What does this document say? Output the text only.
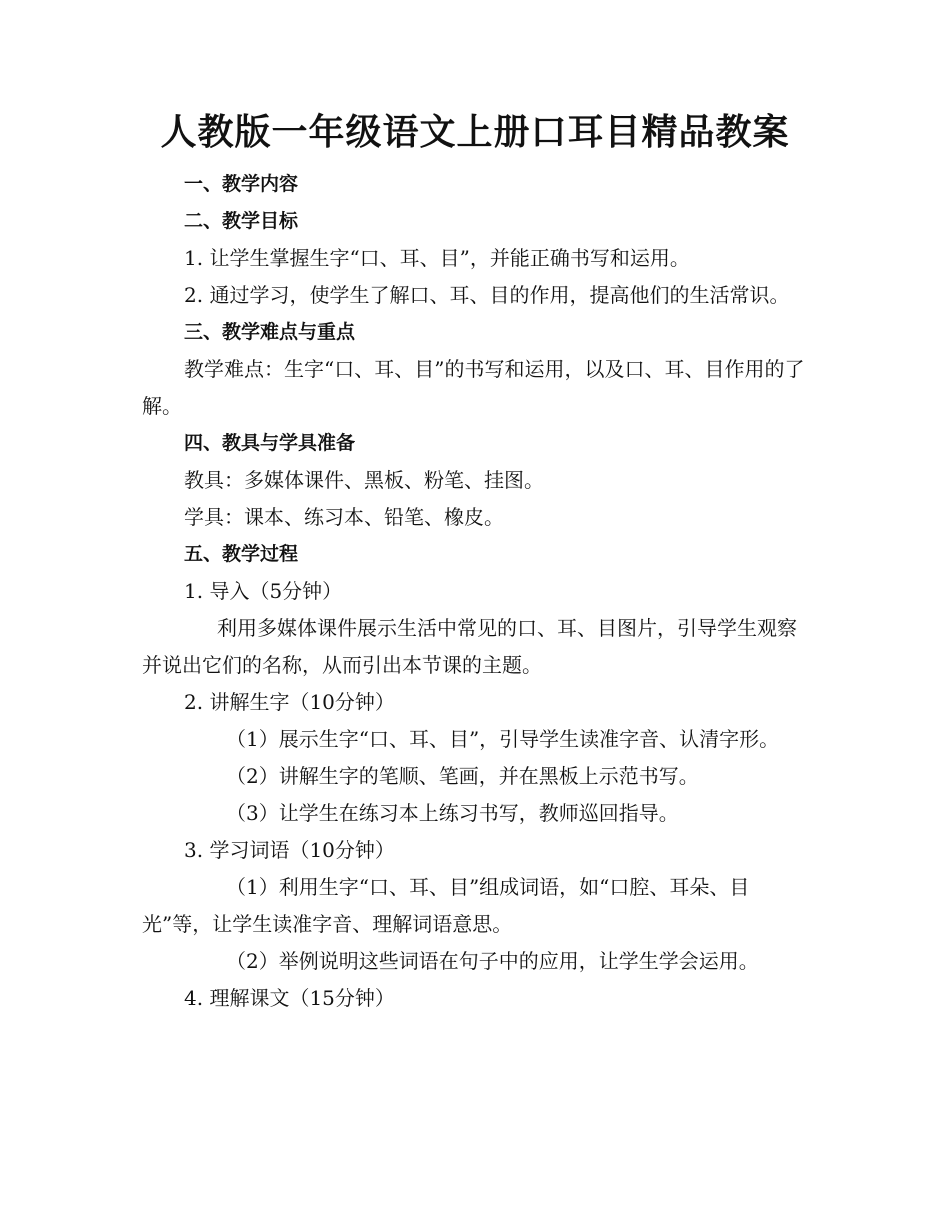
人教版一年级语文上册口耳目精品教案

一、教学内容

二、教学目标

1. 让学生掌握生字“口、耳、目”，并能正确书写和运用。

2. 通过学习，使学生了解口、耳、目的作用，提高他们的生活常识。

三、教学难点与重点

教学难点：生字“口、耳、目”的书写和运用，以及口、耳、目作用的了解。

四、教具与学具准备

教具：多媒体课件、黑板、粉笔、挂图。

学具：课本、练习本、铅笔、橡皮。

五、教学过程

1. 导入（5分钟）

利用多媒体课件展示生活中常见的口、耳、目图片，引导学生观察并说出它们的名称，从而引出本节课的主题。

2. 讲解生字（10分钟）

（1）展示生字“口、耳、目”，引导学生读准字音、认清字形。

（2）讲解生字的笔顺、笔画，并在黑板上示范书写。

（3）让学生在练习本上练习书写，教师巡回指导。

3. 学习词语（10分钟）

（1）利用生字“口、耳、目”组成词语，如“口腔、耳朵、目光”等，让学生读准字音、理解词语意思。

（2）举例说明这些词语在句子中的应用，让学生学会运用。

4. 理解课文（15分钟）
